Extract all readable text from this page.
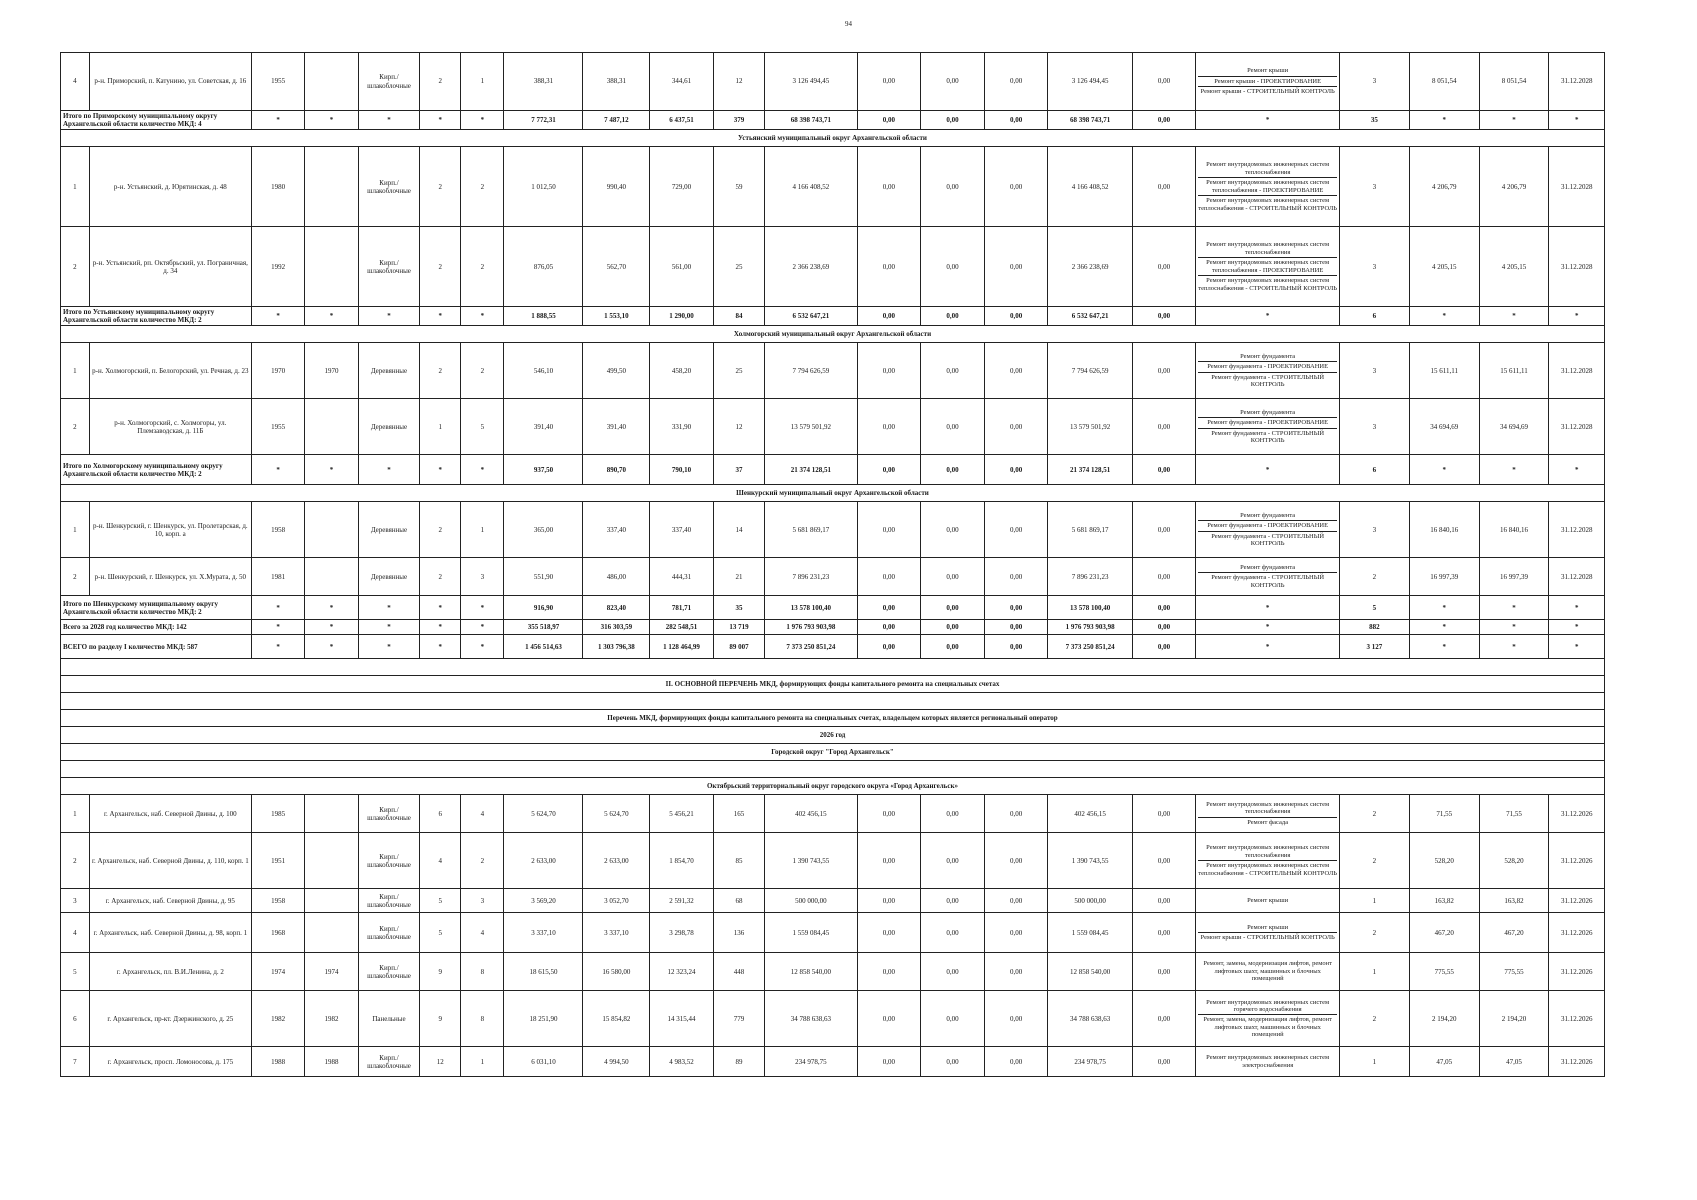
94
4	р-н. Приморский, п. Катунино, ул. Советская, д. 16	1955		Кирп./ шлакоблочные	2	1	388,31	388,31	344,61	12	3 126 494,45	0,00	0,00	0,00	3 126 494,45	0,00	Ремонт крыши
Ремонт крыши - ПРОЕКТИРОВАНИЕ
Ремонт крыши - СТРОИТЕЛЬНЫЙ КОНТРОЛЬ	3	8 051,54	8 051,54	31.12.2028
Итого по Приморскому муниципальному округу Архангельской области количество МКД: 4		*	*	*	*	*	7 772,31	7 487,12	6 437,51	379	68 398 743,71	0,00	0,00	0,00	68 398 743,71	0,00	*	35	*	*	*
Устьянский муниципальный округ Архангельской области																					
1	р-н. Устьянский, д. Юрятинская, д. 48	1980		Кирп./ шлакоблочные	2	2	1 012,50	990,40	729,00	59	4 166 408,52	0,00	0,00	0,00	4 166 408,52	0,00	Ремонт внутридомовых инженерных систем теплоснабжения
Ремонт внутридомовых инженерных систем теплоснабжения - ПРОЕКТИРОВАНИЕ
Ремонт внутридомовых инженерных систем теплоснабжения - СТРОИТЕЛЬНЫЙ КОНТРОЛЬ	3	4 206,79	4 206,79	31.12.2028
2	р-н. Устьянский, рп. Октябрьский, ул. Пограничная, д. 34	1992		Кирп./ шлакоблочные	2	2	876,05	562,70	561,00	25	2 366 238,69	0,00	0,00	0,00	2 366 238,69	0,00	Ремонт внутридомовых инженерных систем теплоснабжения
Ремонт внутридомовых инженерных систем теплоснабжения - ПРОЕКТИРОВАНИЕ
Ремонт внутридомовых инженерных систем теплоснабжения - СТРОИТЕЛЬНЫЙ КОНТРОЛЬ	3	4 205,15	4 205,15	31.12.2028
Итого по Устьянскому муниципальному округу Архангельской области количество МКД: 2		*	*	*	*	*	1 888,55	1 553,10	1 290,00	84	6 532 647,21	0,00	0,00	0,00	6 532 647,21	0,00	*	6	*	*	*
Холмогорский муниципальный округ Архангельской области																					
1	р-н. Холмогорский, п. Белогорский, ул. Речная, д. 23	1970	1970	Деревянные	2	2	546,10	499,50	458,20	25	7 794 626,59	0,00	0,00	0,00	7 794 626,59	0,00	Ремонт фундамента
Ремонт фундамента - ПРОЕКТИРОВАНИЕ
Ремонт фундамента - СТРОИТЕЛЬНЫЙ КОНТРОЛЬ	3	15 611,11	15 611,11	31.12.2028
2	р-н. Холмогорский, с. Холмогоры, ул. Племзаводская, д. 11Б	1955		Деревянные	1	5	391,40	391,40	331,90	12	13 579 501,92	0,00	0,00	0,00	13 579 501,92	0,00	Ремонт фундамента
Ремонт фундамента - ПРОЕКТИРОВАНИЕ
Ремонт фундамента - СТРОИТЕЛЬНЫЙ КОНТРОЛЬ	3	34 694,69	34 694,69	31.12.2028
Итого по Холмогорскому муниципальному округу Архангельской области количество МКД: 2		*	*	*	*	*	937,50	890,70	790,10	37	21 374 128,51	0,00	0,00	0,00	21 374 128,51	0,00	*	6	*	*	*
Шенкурский муниципальный округ Архангельской области																					
1	р-н. Шенкурский, г. Шенкурск, ул. Пролетарская, д. 10, корп. а	1958		Деревянные	2	1	365,00	337,40	337,40	14	5 681 869,17	0,00	0,00	0,00	5 681 869,17	0,00	Ремонт фундамента
Ремонт фундамента - ПРОЕКТИРОВАНИЕ
Ремонт фундамента - СТРОИТЕЛЬНЫЙ КОНТРОЛЬ	3	16 840,16	16 840,16	31.12.2028
2	р-н. Шенкурский, г. Шенкурск, ул. Х.Мурата, д. 50	1981		Деревянные	2	3	551,90	486,00	444,31	21	7 896 231,23	0,00	0,00	0,00	7 896 231,23	0,00	Ремонт фундамента
Ремонт фундамента - СТРОИТЕЛЬНЫЙ КОНТРОЛЬ	2	16 997,39	16 997,39	31.12.2028
Итого по Шенкурскому муниципальному округу Архангельской области количество МКД: 2		*	*	*	*	*	916,90	823,40	781,71	35	13 578 100,40	0,00	0,00	0,00	13 578 100,40	0,00	*	5	*	*	*
Всего за 2028 год количество МКД: 142		*	*	*	*	*	355 518,97	316 303,59	282 548,51	13 719	1 976 793 903,98	0,00	0,00	0,00	1 976 793 903,98	0,00	*	882	*	*	*
ВСЕГО по разделу I количество МКД: 587		*	*	*	*	*	1 456 514,63	1 303 796,38	1 128 464,99	89 007	7 373 250 851,24	0,00	0,00	0,00	7 373 250 851,24	0,00	*	3 127	*	*	*

II. ОСНОВНОЙ ПЕРЕЧЕНЬ МКД, формирующих фонды капитального ремонта на специальных счетах																					

Перечень МКД, формирующих фонды капитального ремонта на специальных счетах, владельцем которых является региональный оператор																					
2026 год																					
Городской округ "Город Архангельск"																					

Октябрьский территориальный округ городского округа «Город Архангельск»																					
1	г. Архангельск, наб. Северной Двины, д. 100	1985		Кирп./ шлакоблочные	6	4	5 624,70	5 624,70	5 456,21	165	402 456,15	0,00	0,00	0,00	402 456,15	0,00	Ремонт внутридомовых инженерных систем теплоснабжения
Ремонт фасада	2	71,55	71,55	31.12.2026
2	г. Архангельск, наб. Северной Двины, д. 110, корп. 1	1951		Кирп./ шлакоблочные	4	2	2 633,00	2 633,00	1 854,70	85	1 390 743,55	0,00	0,00	0,00	1 390 743,55	0,00	Ремонт внутридомовых инженерных систем теплоснабжения
Ремонт внутридомовых инженерных систем теплоснабжения - СТРОИТЕЛЬНЫЙ КОНТРОЛЬ	2	528,20	528,20	31.12.2026
3	г. Архангельск, наб. Северной Двины, д. 95	1958		Кирп./ шлакоблочные	5	3	3 569,20	3 052,70	2 591,32	68	500 000,00	0,00	0,00	0,00	500 000,00	0,00	Ремонт крыши	1	163,82	163,82	31.12.2026
4	г. Архангельск, наб. Северной Двины, д. 98, корп. 1	1968		Кирп./ шлакоблочные	5	4	3 337,10	3 337,10	3 298,78	136	1 559 084,45	0,00	0,00	0,00	1 559 084,45	0,00	Ремонт крыши
Ремонт крыши - СТРОИТЕЛЬНЫЙ КОНТРОЛЬ	2	467,20	467,20	31.12.2026
5	г. Архангельск, пл. В.И.Ленина, д. 2	1974	1974	Кирп./ шлакоблочные	9	8	18 615,50	16 580,00	12 323,24	448	12 858 540,00	0,00	0,00	0,00	12 858 540,00	0,00	Ремонт, замена, модернизация лифтов, ремонт лифтовых шахт, машинных и блочных помещений	1	775,55	775,55	31.12.2026
6	г. Архангельск, пр-кт. Дзержинского, д. 25	1982	1982	Панельные	9	8	18 251,90	15 854,82	14 315,44	779	34 788 638,63	0,00	0,00	0,00	34 788 638,63	0,00	Ремонт внутридомовых инженерных систем горячего водоснабжения
Ремонт, замена, модернизация лифтов, ремонт лифтовых шахт, машинных и блочных помещений	2	2 194,20	2 194,20	31.12.2026
7	г. Архангельск, просп. Ломоносова, д. 175	1988	1988	Кирп./ шлакоблочные	12	1	6 031,10	4 994,50	4 983,52	89	234 978,75	0,00	0,00	0,00	234 978,75	0,00	Ремонт внутридомовых инженерных систем электроснабжения	1	47,05	47,05	31.12.2026
